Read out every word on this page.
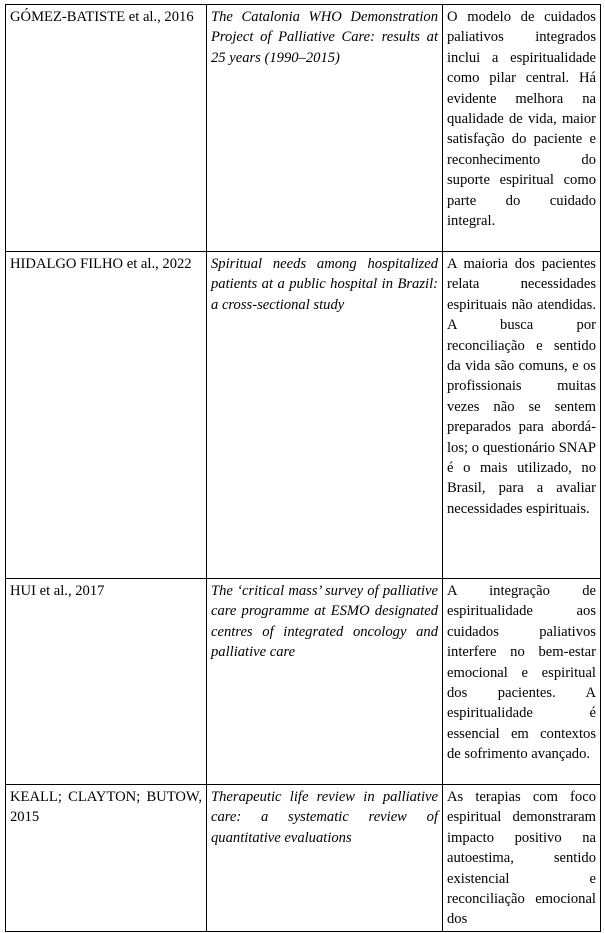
GÓMEZ-BATISTE et al., 2016	The Catalonia WHO Demonstration Project of Palliative Care: results at 25 years (1990–2015)	O modelo de cuidados paliativos integrados inclui a espiritualidade como pilar central. Há evidente melhora na qualidade de vida, maior satisfação do paciente e reconhecimento do suporte espiritual como parte do cuidado integral.
HIDALGO FILHO et al., 2022	Spiritual needs among hospitalized patients at a public hospital in Brazil: a cross-sectional study	A maioria dos pacientes relata necessidades espirituais não atendidas. A busca por reconciliação e sentido da vida são comuns, e os profissionais muitas vezes não se sentem preparados para abordá-los; o questionário SNAP é o mais utilizado, no Brasil, para a avaliar necessidades espirituais.
HUI et al., 2017	The ‘critical mass’ survey of palliative care programme at ESMO designated centres of integrated oncology and palliative care	A integração de espiritualidade aos cuidados paliativos interfere no bem-estar emocional e espiritual dos pacientes. A espiritualidade é essencial em contextos de sofrimento avançado.
KEALL; CLAYTON; BUTOW, 2015	Therapeutic life review in palliative care: a systematic review of quantitative evaluations	As terapias com foco espiritual demonstraram impacto positivo na autoestima, sentido existencial e reconciliação emocional dos
